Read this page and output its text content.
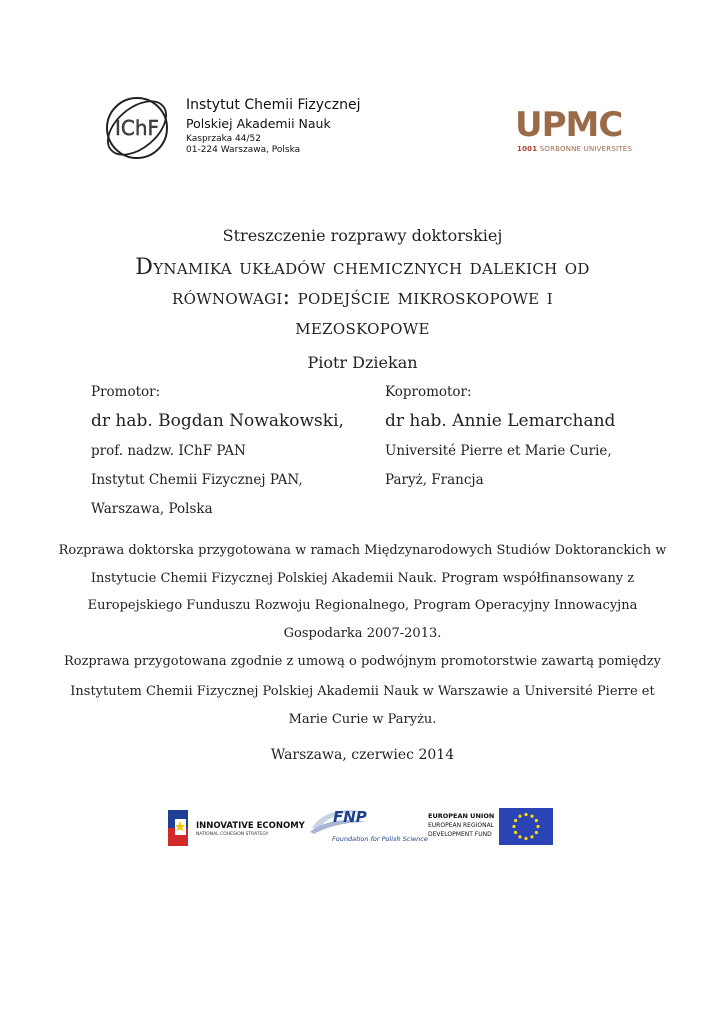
IChF
Instytut Chemii Fizycznej
Polskiej Akademii Nauk
Kasprzaka 44/52
01-224 Warszawa, Polska
UPMC
1001 SORBONNE UNIVERSITÉS
Streszczenie rozprawy doktorskiej
Dynamika układów chemicznych dalekich od
równowagi: podejście mikroskopowe i
mezoskopowe
Piotr Dziekan
Promotor:
dr hab. Bogdan Nowakowski,
prof. nadzw. IChF PAN
Instytut Chemii Fizycznej PAN,
Warszawa, Polska
Kopromotor:
dr hab. Annie Lemarchand
Université Pierre et Marie Curie,
Paryż, Francja
Rozprawa doktorska przygotowana w ramach Międzynarodowych Studiów Doktoranckich w
Instytucie Chemii Fizycznej Polskiej Akademii Nauk. Program współfinansowany z
Europejskiego Funduszu Rozwoju Regionalnego, Program Operacyjny Innowacyjna
Gospodarka 2007-2013.
Rozprawa przygotowana zgodnie z umową o podwójnym promotorstwie zawartą pomiędzy
Instytutem Chemii Fizycznej Polskiej Akademii Nauk w Warszawie a Université Pierre et
Marie Curie w Paryżu.
Warszawa, czerwiec 2014
INNOVATIVE ECONOMY
NATIONAL COHESION STRATEGY
FNP
Foundation for Polish Science
EUROPEAN UNION
EUROPEAN REGIONAL
DEVELOPMENT FUND
